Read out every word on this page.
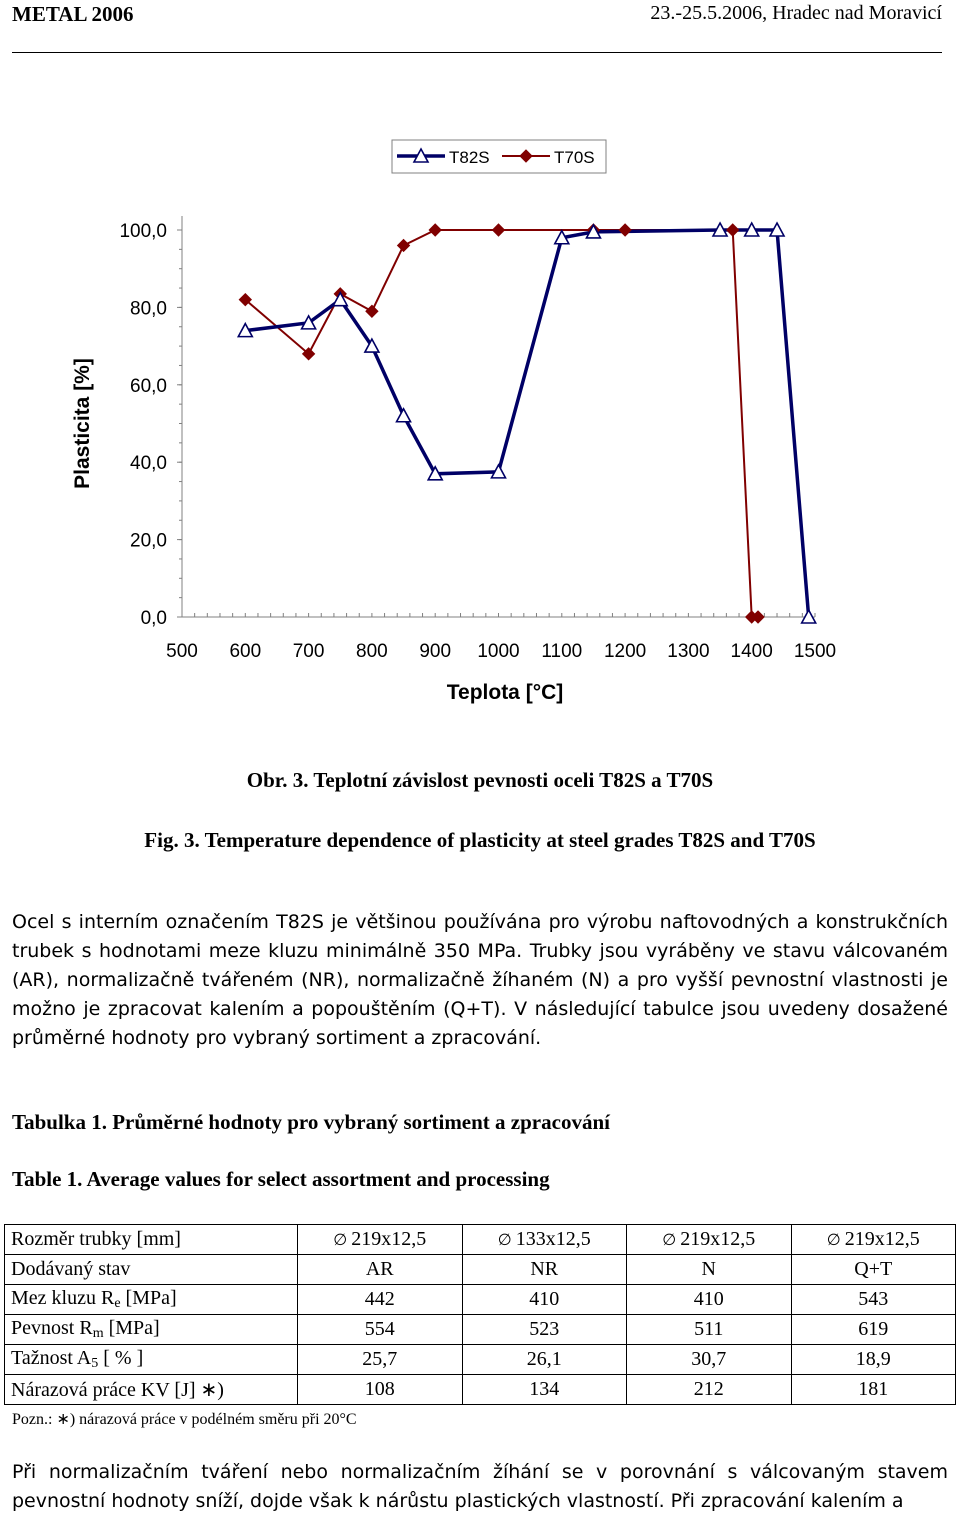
METAL 2006	23.-25.5.2006, Hradec nad Moravicí
0,0
20,0
40,0
60,0
80,0
100,0
500 600 700 800 900 1000 1100 1200 1300 1400 1500
Teplota [°C]
Plasticita [%]
T82S	T70S
Obr. 3. Teplotní závislost pevnosti oceli T82S a T70S
Fig. 3. Temperature dependence of plasticity at steel grades T82S and T70S

Ocel s interním označením T82S je většinou používána pro výrobu naftovodných a konstrukčních trubek s hodnotami meze kluzu minimálně 350 MPa. Trubky jsou vyráběny ve stavu válcovaném (AR), normalizačně tvářeném (NR), normalizačně žíhaném (N) a pro vyšší pevnostní vlastnosti je možno je zpracovat kalením a popouštěním (Q+T). V následující tabulce jsou uvedeny dosažené průměrné hodnoty pro vybraný sortiment a zpracování.

Tabulka 1. Průměrné hodnoty pro vybraný sortiment a zpracování
Table 1. Average values for select assortment and processing
Rozměr trubky [mm]	∅ 219x12,5	∅ 133x12,5	∅ 219x12,5	∅ 219x12,5
Dodávaný stav	AR	NR	N	Q+T
Mez kluzu $R_e$ [MPa]	442	410	410	543
Pevnost $R_m$ [MPa]	554	523	511	619
Tažnost $A_5$ [ % ]	25,7	26,1	30,7	18,9
Nárazová práce KV [J] ∗)	108	134	212	181
Pozn.: ∗) nárazová práce v podélném směru při 20°C

Při normalizačním tváření nebo normalizačním žíhání se v porovnání s válcovaným stavem pevnostní hodnoty sníží, dojde však k nárůstu plastických vlastností. Při zpracování kalením a
